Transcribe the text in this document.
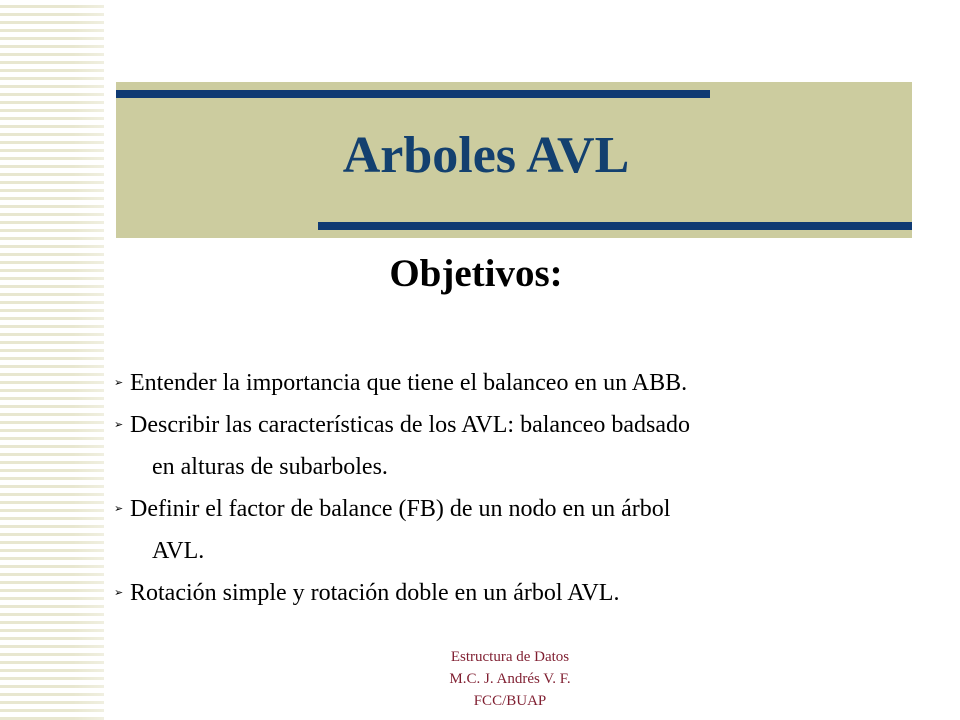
Arboles AVL
Objetivos:
➢ Entender la importancia que tiene el balanceo en un ABB.
➢ Describir las características de los AVL: balanceo badsado
en alturas de subarboles.
➢ Definir el factor de balance (FB) de un nodo en un árbol
AVL.
➢ Rotación simple y rotación doble en un árbol AVL.
Estructura de Datos
M.C. J. Andrés V. F.
FCC/BUAP
